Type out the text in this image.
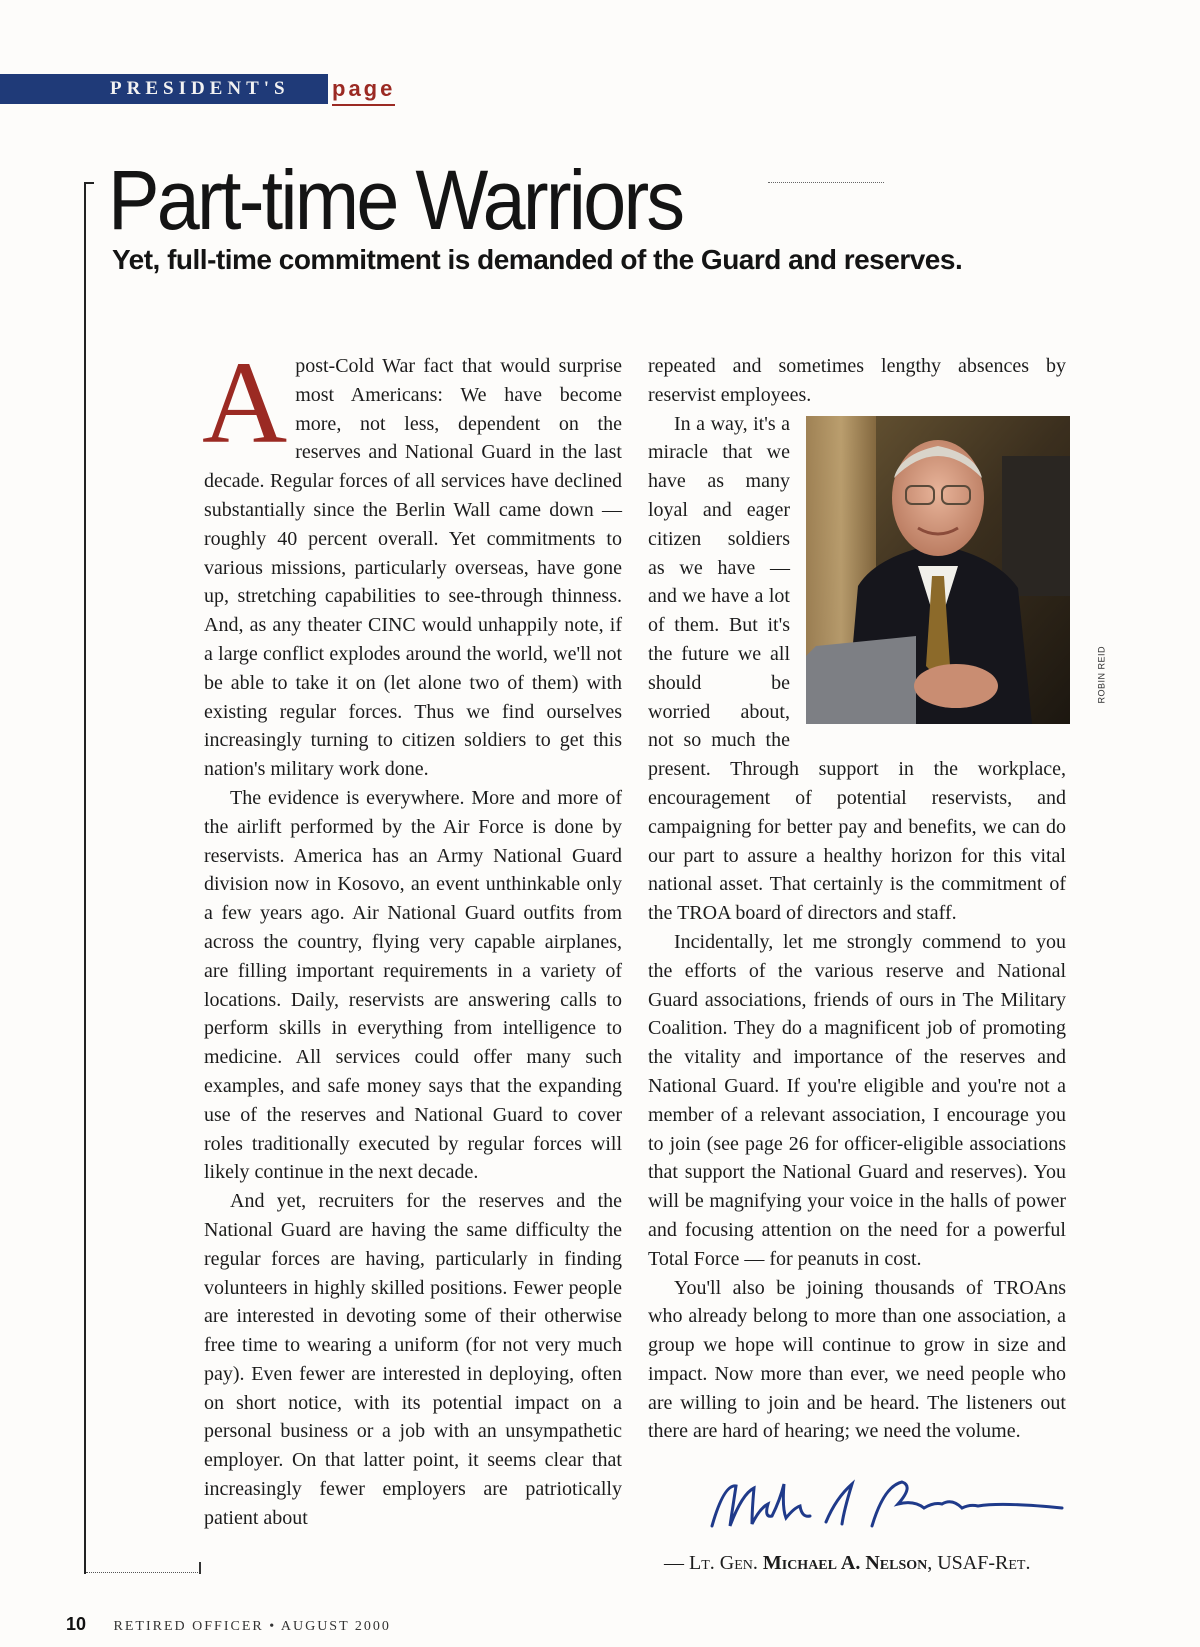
PRESIDENT'S page
Part-time Warriors
Yet, full-time commitment is demanded of the Guard and reserves.

Apost-Cold War fact that would surprise most Americans: We have become more, not less, dependent on the reserves and National Guard in the last decade. Regular forces of all services have declined substantially since the Berlin Wall came down — roughly 40 percent overall. Yet commitments to various missions, particularly overseas, have gone up, stretching capabilities to see-through thinness. And, as any theater CINC would unhappily note, if a large conflict explodes around the world, we'll not be able to take it on (let alone two of them) with existing regular forces. Thus we find ourselves increasingly turning to citizen soldiers to get this nation's military work done.

The evidence is everywhere. More and more of the airlift performed by the Air Force is done by reservists. America has an Army National Guard division now in Kosovo, an event unthinkable only a few years ago. Air National Guard outfits from across the country, flying very capable airplanes, are filling important requirements in a variety of locations. Daily, reservists are answering calls to perform skills in everything from intelligence to medicine. All services could offer many such examples, and safe money says that the expanding use of the reserves and National Guard to cover roles traditionally executed by regular forces will likely continue in the next decade.

And yet, recruiters for the reserves and the National Guard are having the same difficulty the regular forces are having, particularly in finding volunteers in highly skilled positions. Fewer people are interested in devoting some of their otherwise free time to wearing a uniform (for not very much pay). Even fewer are interested in deploying, often on short notice, with its potential impact on a personal business or a job with an unsympathetic employer. On that latter point, it seems clear that increasingly fewer employers are patriotically patient about

repeated and sometimes lengthy absences by reservist employees.

ROBIN REID

In a way, it's a miracle that we have as many loyal and eager citizen soldiers as we have — and we have a lot of them. But it's the future we all should be worried about, not so much the present. Through support in the workplace, encouragement of potential reservists, and campaigning for better pay and benefits, we can do our part to assure a healthy horizon for this vital national asset. That certainly is the commitment of the TROA board of directors and staff.

Incidentally, let me strongly commend to you the efforts of the various reserve and National Guard associations, friends of ours in The Military Coalition. They do a magnificent job of promoting the vitality and importance of the reserves and National Guard. If you're eligible and you're not a member of a relevant association, I encourage you to join (see page 26 for officer-eligible associations that support the National Guard and reserves). You will be magnifying your voice in the halls of power and focusing attention on the need for a powerful Total Force — for peanuts in cost.

You'll also be joining thousands of TROAns who already belong to more than one association, a group we hope will continue to grow in size and impact. Now more than ever, we need people who are willing to join and be heard. The listeners out there are hard of hearing; we need the volume.

— Lt. Gen. Michael A. Nelson, USAF-Ret.
10 RETIRED OFFICER • AUGUST 2000
